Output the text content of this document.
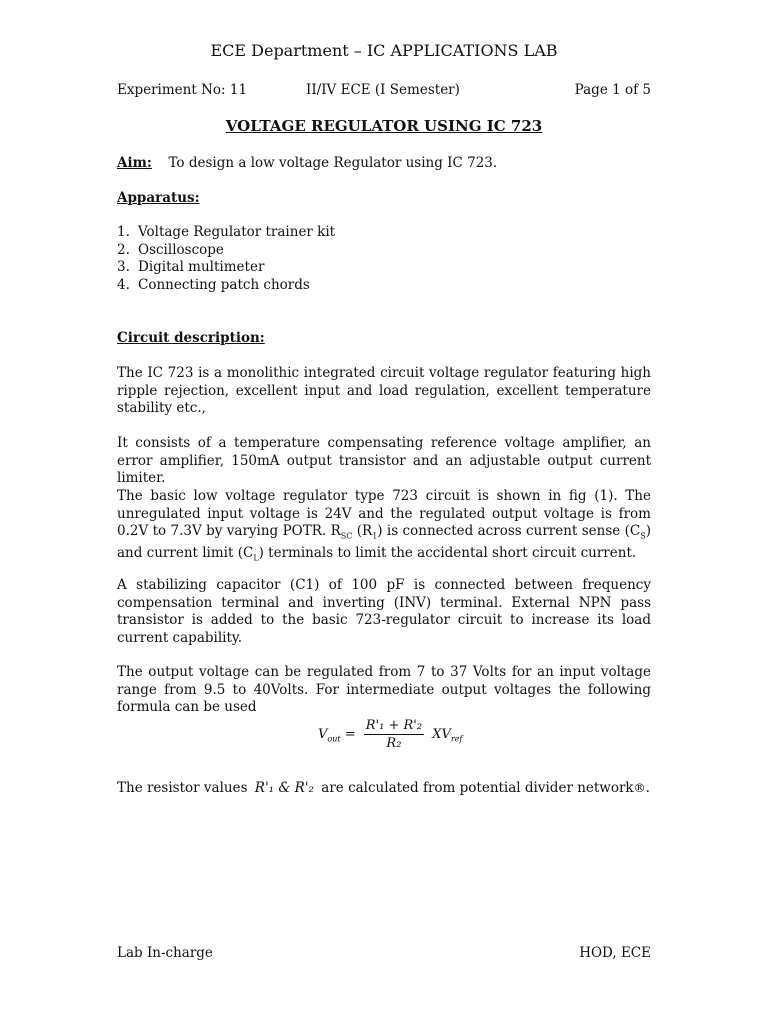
ECE Department – IC APPLICATIONS LAB
Experiment No: 11	II/IV ECE (I Semester)	Page 1 of 5
VOLTAGE REGULATOR USING IC 723
Aim: To design a low voltage Regulator using IC 723.
Apparatus:
1. Voltage Regulator trainer kit
2. Oscilloscope
3. Digital multimeter
4. Connecting patch chords
Circuit description:
The IC 723 is a monolithic integrated circuit voltage regulator featuring high ripple rejection, excellent input and load regulation, excellent temperature stability etc.,
It consists of a temperature compensating reference voltage amplifier, an error amplifier, 150mA output transistor and an adjustable output current limiter.
The basic low voltage regulator type 723 circuit is shown in fig (1). The unregulated input voltage is 24V and the regulated output voltage is from 0.2V to 7.3V by varying POTR. $R_{SC}$ $(R_1)$ is connected across current sense $(C_S)$ and current limit $(C_L)$ terminals to limit the accidental short circuit current.
A stabilizing capacitor (C1) of 100 pF is connected between frequency compensation terminal and inverting (INV) terminal. External NPN pass transistor is added to the basic 723-regulator circuit to increase its load current capability.
The output voltage can be regulated from 7 to 37 Volts for an input voltage range from 9.5 to 40Volts. For intermediate output voltages the following formula can be used
$V_{out} = \frac{\text{R'₁ + R'₂}}{\text{R₂}} XV_{ref}$
The resistor values R'₁ & R'₂ are calculated from potential divider network®.
Lab In-charge	HOD, ECE
